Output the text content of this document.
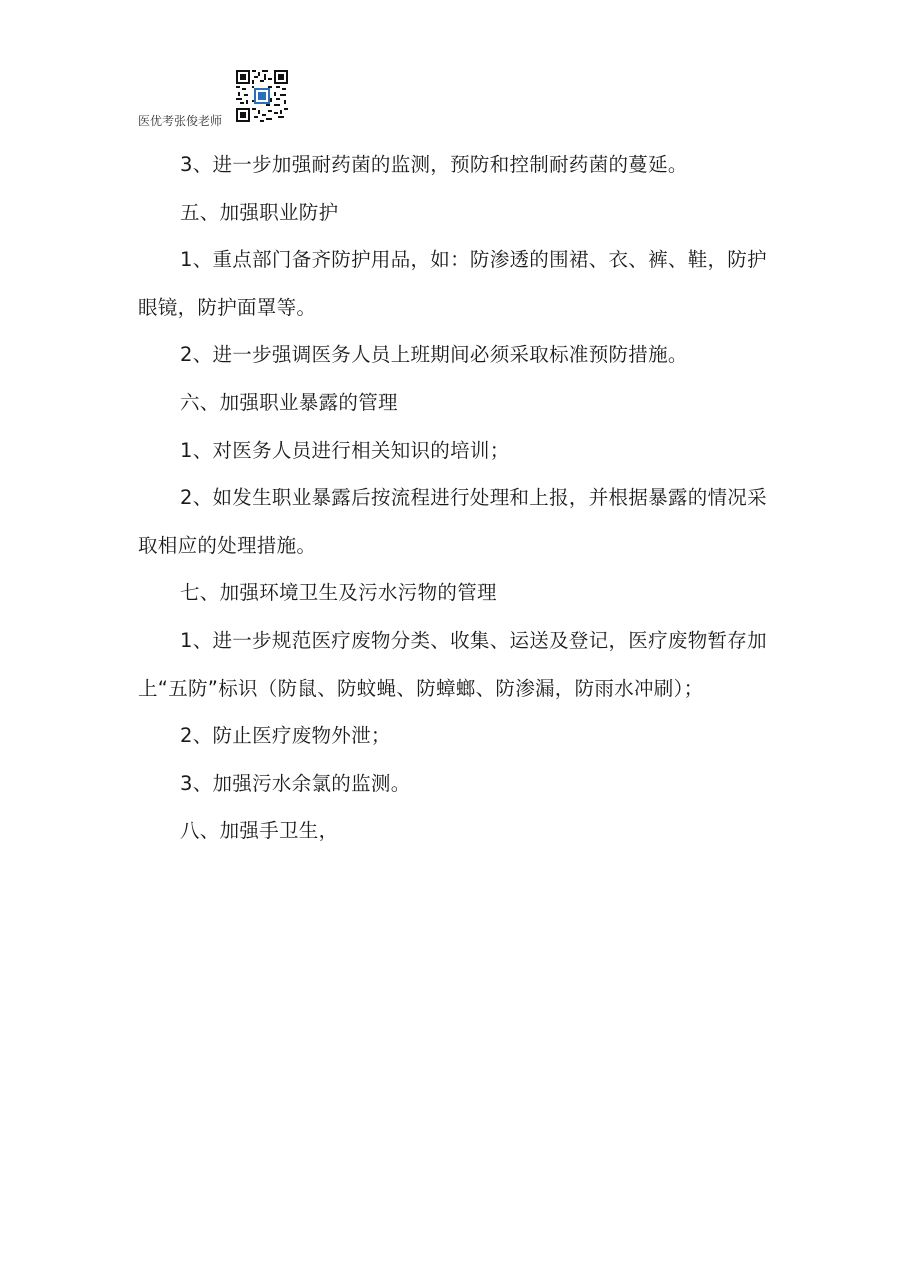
医优考张俊老师

3、进一步加强耐药菌的监测，预防和控制耐药菌的蔓延。

五、加强职业防护

1、重点部门备齐防护用品，如：防渗透的围裙、衣、裤、鞋，防护眼镜，防护面罩等。

2、进一步强调医务人员上班期间必须采取标准预防措施。

六、加强职业暴露的管理

1、对医务人员进行相关知识的培训；

2、如发生职业暴露后按流程进行处理和上报，并根据暴露的情况采取相应的处理措施。

七、加强环境卫生及污水污物的管理

1、进一步规范医疗废物分类、收集、运送及登记，医疗废物暂存加上“五防”标识（防鼠、防蚊蝇、防蟑螂、防渗漏，防雨水冲刷）；

2、防止医疗废物外泄；

3、加强污水余氯的监测。

八、加强手卫生，
